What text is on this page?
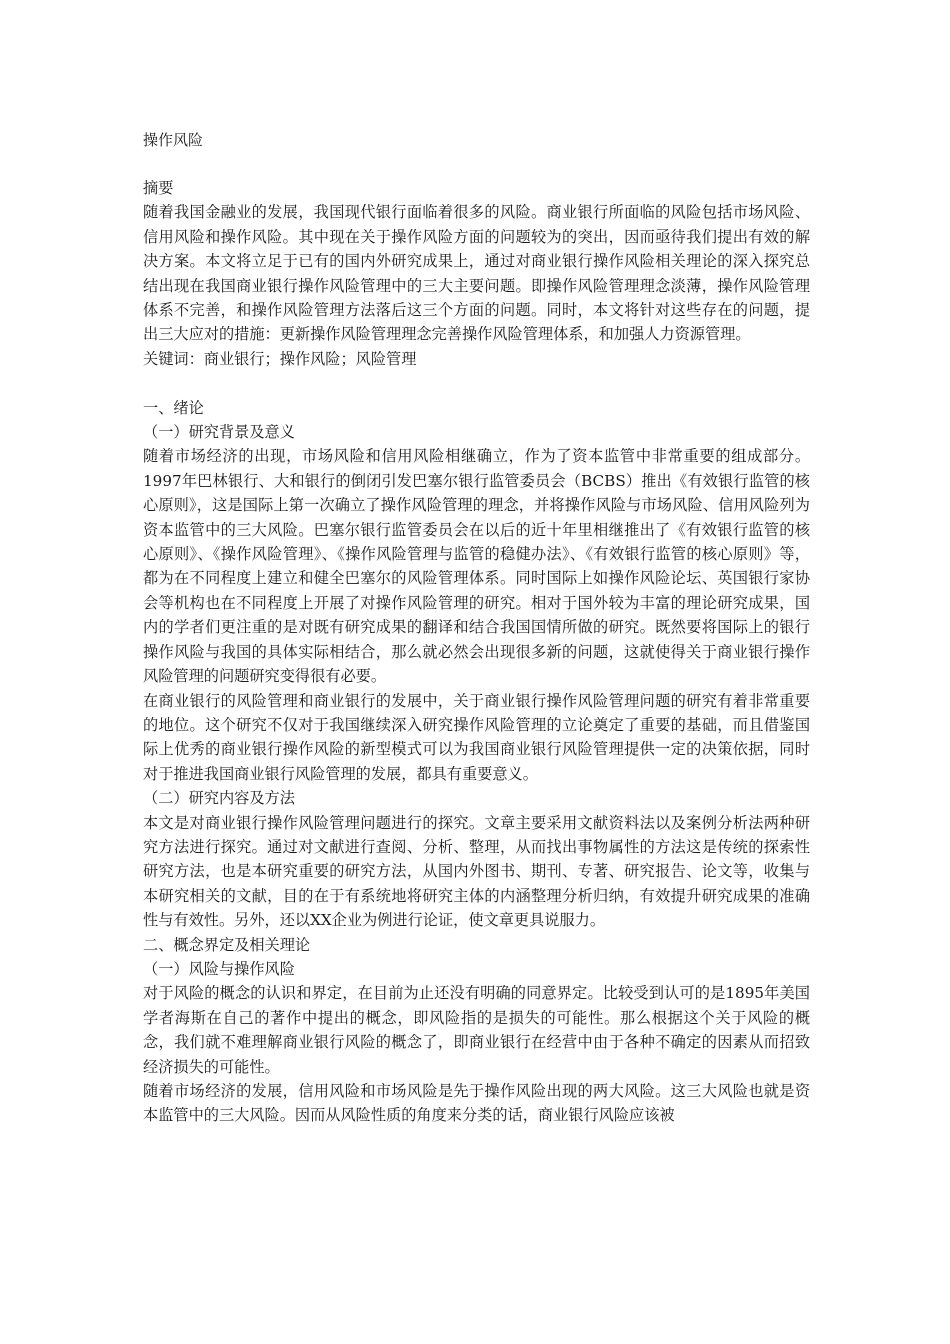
操作风险

摘要

随着我国金融业的发展，我国现代银行面临着很多的风险。商业银行所面临的风险包括市场风险、信用风险和操作风险。其中现在关于操作风险方面的问题较为的突出，因而亟待我们提出有效的解决方案。本文将立足于已有的国内外研究成果上，通过对商业银行操作风险相关理论的深入探究总结出现在我国商业银行操作风险管理中的三大主要问题。即操作风险管理理念淡薄，操作风险管理体系不完善，和操作风险管理方法落后这三个方面的问题。同时，本文将针对这些存在的问题，提出三大应对的措施：更新操作风险管理理念完善操作风险管理体系，和加强人力资源管理。

关键词：商业银行；操作风险；风险管理

一、绪论

（一）研究背景及意义

随着市场经济的出现，市场风险和信用风险相继确立，作为了资本监管中非常重要的组成部分。1997年巴林银行、大和银行的倒闭引发巴塞尔银行监管委员会（BCBS）推出《有效银行监管的核心原则》，这是国际上第一次确立了操作风险管理的理念，并将操作风险与市场风险、信用风险列为资本监管中的三大风险。巴塞尔银行监管委员会在以后的近十年里相继推出了《有效银行监管的核心原则》、《操作风险管理》、《操作风险管理与监管的稳健办法》、《有效银行监管的核心原则》等，都为在不同程度上建立和健全巴塞尔的风险管理体系。同时国际上如操作风险论坛、英国银行家协会等机构也在不同程度上开展了对操作风险管理的研究。相对于国外较为丰富的理论研究成果，国内的学者们更注重的是对既有研究成果的翻译和结合我国国情所做的研究。既然要将国际上的银行操作风险与我国的具体实际相结合，那么就必然会出现很多新的问题，这就使得关于商业银行操作风险管理的问题研究变得很有必要。

在商业银行的风险管理和商业银行的发展中，关于商业银行操作风险管理问题的研究有着非常重要的地位。这个研究不仅对于我国继续深入研究操作风险管理的立论奠定了重要的基础，而且借鉴国际上优秀的商业银行操作风险的新型模式可以为我国商业银行风险管理提供一定的决策依据，同时对于推进我国商业银行风险管理的发展，都具有重要意义。

（二）研究内容及方法

本文是对商业银行操作风险管理问题进行的探究。文章主要采用文献资料法以及案例分析法两种研究方法进行探究。通过对文献进行查阅、分析、整理，从而找出事物属性的方法这是传统的探索性研究方法，也是本研究重要的研究方法，从国内外图书、期刊、专著、研究报告、论文等，收集与本研究相关的文献，目的在于有系统地将研究主体的内涵整理分析归纳，有效提升研究成果的准确性与有效性。另外，还以XX企业为例进行论证，使文章更具说服力。

二、概念界定及相关理论

（一）风险与操作风险

对于风险的概念的认识和界定，在目前为止还没有明确的同意界定。比较受到认可的是1895年美国学者海斯在自己的著作中提出的概念，即风险指的是损失的可能性。那么根据这个关于风险的概念，我们就不难理解商业银行风险的概念了，即商业银行在经营中由于各种不确定的因素从而招致经济损失的可能性。

随着市场经济的发展，信用风险和市场风险是先于操作风险出现的两大风险。这三大风险也就是资本监管中的三大风险。因而从风险性质的角度来分类的话，商业银行风险应该被
